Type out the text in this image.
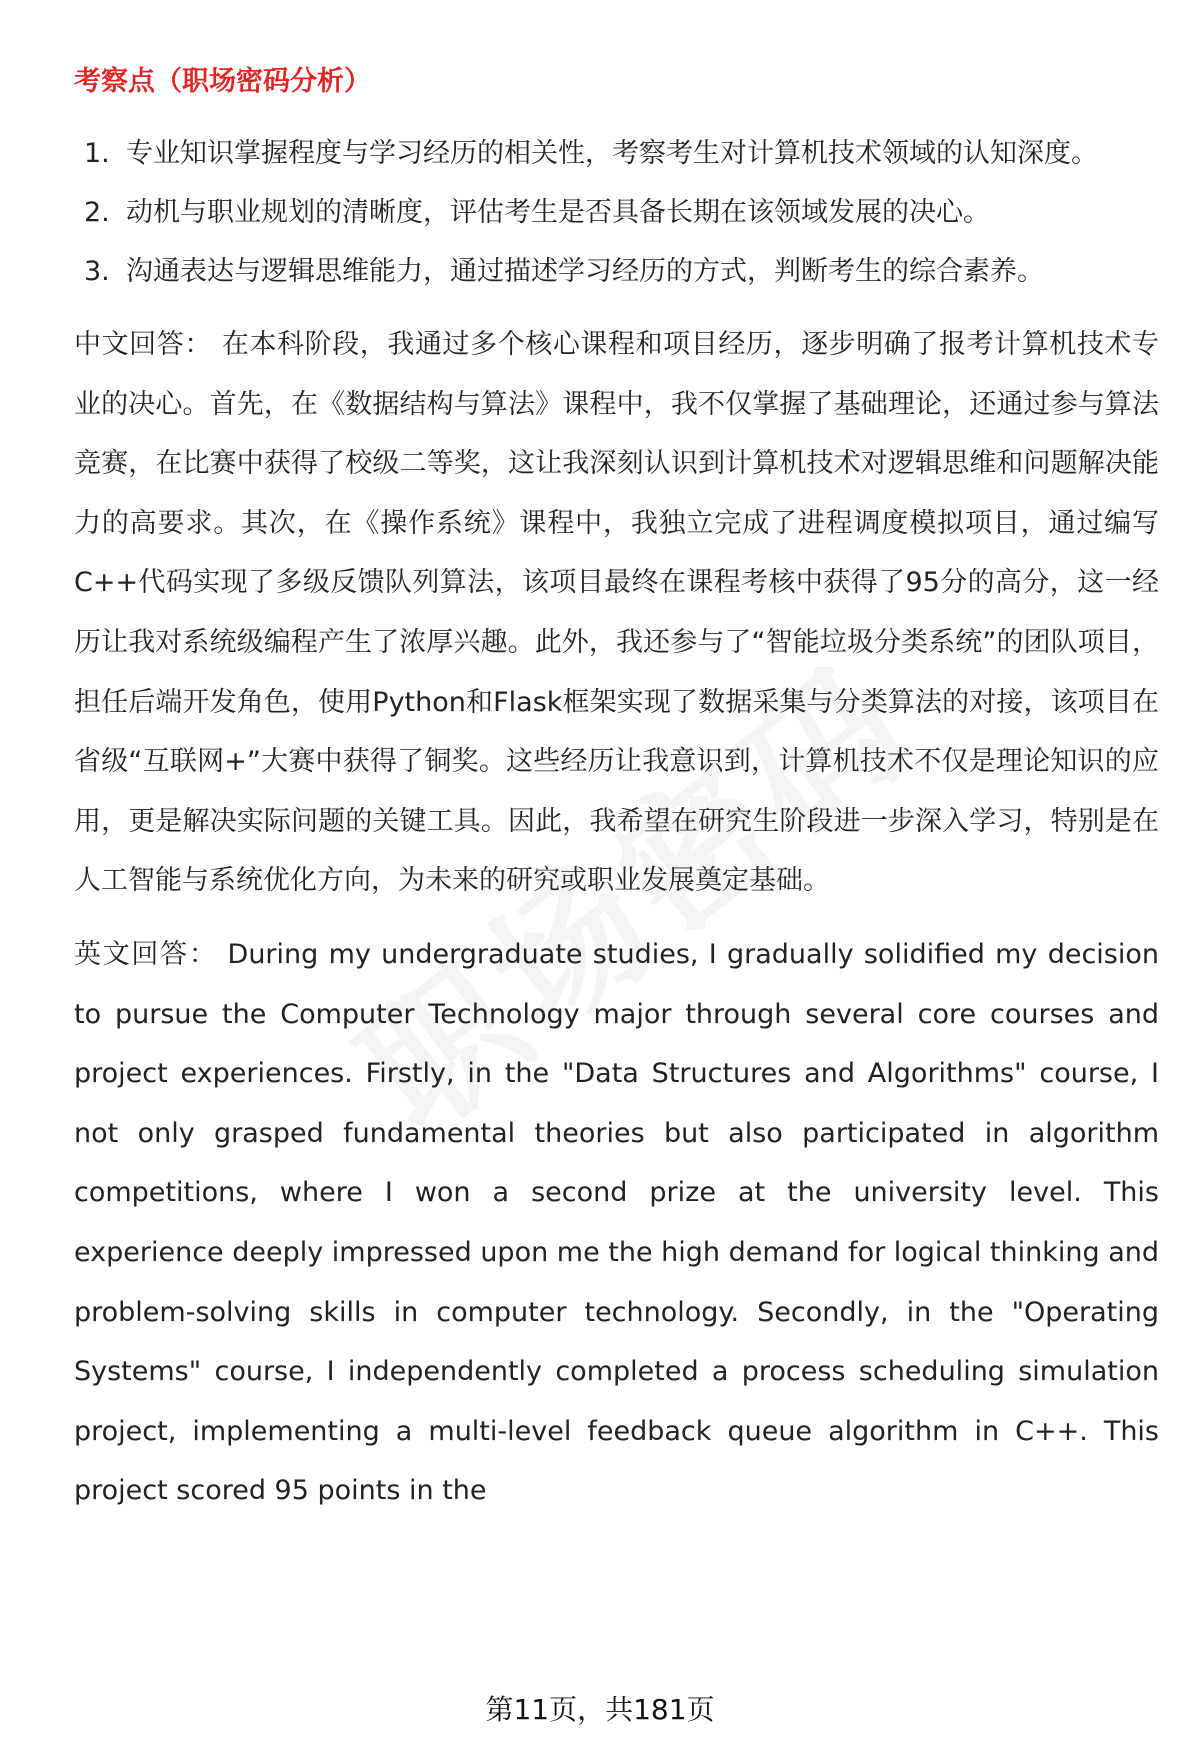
考察点（职场密码分析）
1. 专业知识掌握程度与学习经历的相关性，考察考生对计算机技术领域的认知深度。
2. 动机与职业规划的清晰度，评估考生是否具备长期在该领域发展的决心。
3. 沟通表达与逻辑思维能力，通过描述学习经历的方式，判断考生的综合素养。

中文回答： 在本科阶段，我通过多个核心课程和项目经历，逐步明确了报考计算机技术专业的决心。首先，在《数据结构与算法》课程中，我不仅掌握了基础理论，还通过参与算法竞赛，在比赛中获得了校级二等奖，这让我深刻认识到计算机技术对逻辑思维和问题解决能力的高要求。其次，在《操作系统》课程中，我独立完成了进程调度模拟项目，通过编写C++代码实现了多级反馈队列算法，该项目最终在课程考核中获得了95分的高分，这一经历让我对系统级编程产生了浓厚兴趣。此外，我还参与了“智能垃圾分类系统”的团队项目，担任后端开发角色，使用Python和Flask框架实现了数据采集与分类算法的对接，该项目在省级“互联网+”大赛中获得了铜奖。这些经历让我意识到，计算机技术不仅是理论知识的应用，更是解决实际问题的关键工具。因此，我希望在研究生阶段进一步深入学习，特别是在人工智能与系统优化方向，为未来的研究或职业发展奠定基础。

英文回答： During my undergraduate studies, I gradually solidified my decision to pursue the Computer Technology major through several core courses and project experiences. Firstly, in the "Data Structures and Algorithms" course, I not only grasped fundamental theories but also participated in algorithm competitions, where I won a second prize at the university level. This experience deeply impressed upon me the high demand for logical thinking and problem-solving skills in computer technology. Secondly, in the "Operating Systems" course, I independently completed a process scheduling simulation project, implementing a multi-level feedback queue algorithm in C++. This project scored 95 points in the

第11页，共181页
